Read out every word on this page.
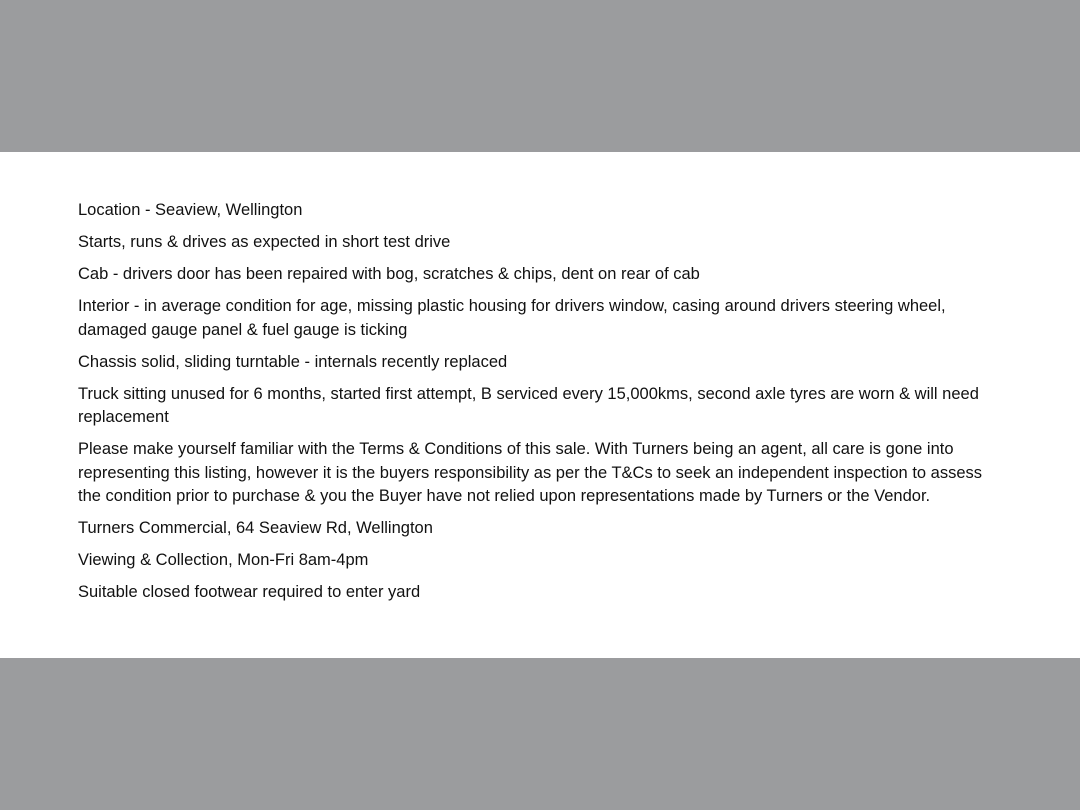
Location - Seaview, Wellington

Starts, runs & drives as expected in short test drive

Cab - drivers door has been repaired with bog, scratches & chips, dent on rear of cab

Interior - in average condition for age, missing plastic housing for drivers window, casing around drivers steering wheel, damaged gauge panel & fuel gauge is ticking

Chassis solid, sliding turntable - internals recently replaced

Truck sitting unused for 6 months, started first attempt, B serviced every 15,000kms, second axle tyres are worn & will need replacement

Please make yourself familiar with the Terms & Conditions of this sale. With Turners being an agent, all care is gone into representing this listing, however it is the buyers responsibility as per the T&Cs to seek an independent inspection to assess the condition prior to purchase & you the Buyer have not relied upon representations made by Turners or the Vendor.

Turners Commercial, 64 Seaview Rd, Wellington

Viewing & Collection, Mon-Fri 8am-4pm

Suitable closed footwear required to enter yard
